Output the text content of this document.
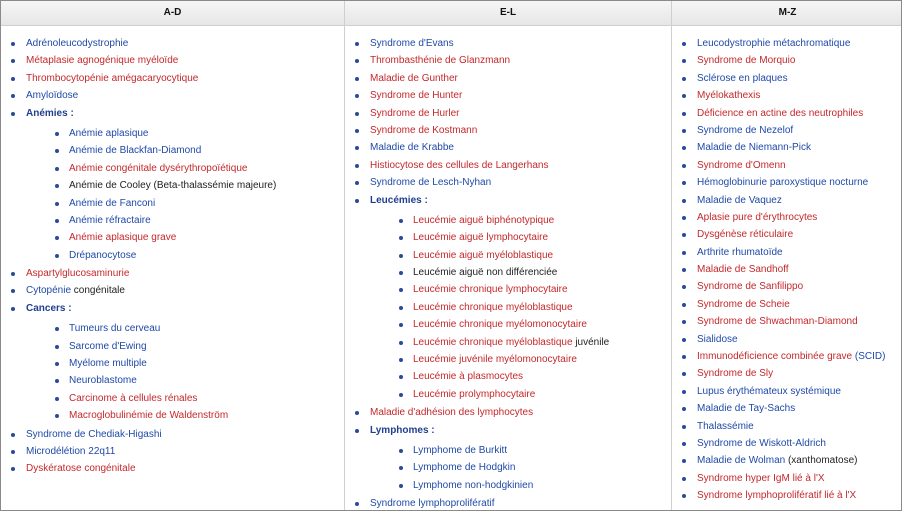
A-D
Adrénoleucodystrophie
Métaplasie agnogénique myéloïde
Thrombocytopénie amégacaryocytique
Amyloïdose
Anémies :
Anémie aplasique
Anémie de Blackfan-Diamond
Anémie congénitale dysérythropoïétique
Anémie de Cooley (Beta-thalassémie majeure)
Anémie de Fanconi
Anémie réfractaire
Anémie aplasique grave
Drépanocytose
Aspartylglucosaminurie
Cytopénie congénitale
Cancers :
Tumeurs du cerveau
Sarcome d'Ewing
Myélome multiple
Neuroblastome
Carcinome à cellules rénales
Macroglobulinémie de Waldenström
Syndrome de Chediak-Higashi
Microdélétion 22q11
Dyskératose congénitale
E-L
Syndrome d'Evans
Thrombasthénie de Glanzmann
Maladie de Gunther
Syndrome de Hunter
Syndrome de Hurler
Syndrome de Kostmann
Maladie de Krabbe
Histiocytose des cellules de Langerhans
Syndrome de Lesch-Nyhan
Leucémies :
Leucémie aiguë biphénotypique
Leucémie aiguë lymphocytaire
Leucémie aiguë myéloblastique
Leucémie aiguë non différenciée
Leucémie chronique lymphocytaire
Leucémie chronique myéloblastique
Leucémie chronique myélomonocytaire
Leucémie chronique myéloblastique juvénile
Leucémie juvénile myélomonocytaire
Leucémie à plasmocytes
Leucémie prolymphocytaire
Maladie d'adhésion des lymphocytes
Lymphomes :
Lymphome de Burkitt
Lymphome de Hodgkin
Lymphome non-hodgkinien
Syndrome lymphoprolifératif
M-Z
Leucodystrophie métachromatique
Syndrome de Morquio
Sclérose en plaques
Myélokathexis
Déficience en actine des neutrophiles
Syndrome de Nezelof
Maladie de Niemann-Pick
Syndrome d'Omenn
Hémoglobinurie paroxystique nocturne
Maladie de Vaquez
Aplasie pure d'érythrocytes
Dysgénèse réticulaire
Arthrite rhumatoïde
Maladie de Sandhoff
Syndrome de Sanfilippo
Syndrome de Scheie
Syndrome de Shwachman-Diamond
Sialidose
Immunodéficience combinée grave (SCID)
Syndrome de Sly
Lupus érythémateux systémique
Maladie de Tay-Sachs
Thalassémie
Syndrome de Wiskott-Aldrich
Maladie de Wolman (xanthomatose)
Syndrome hyper IgM lié à l'X
Syndrome lymphoprolifératif lié à l'X
